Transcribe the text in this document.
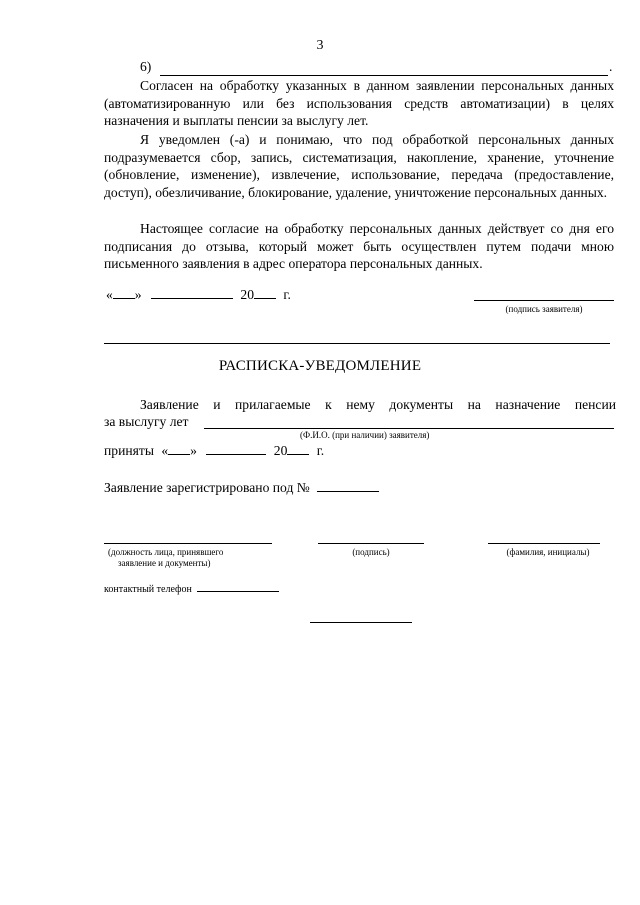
3
6)	.
Согласен на обработку указанных в данном заявлении персональных данных (автоматизированную или без использования средств автоматизации) в целях назначения и выплаты пенсии за выслугу лет.
Я уведомлен (-а) и понимаю, что под обработкой персональных данных подразумевается сбор, запись, систематизация, накопление, хранение, уточнение (обновление, изменение), извлечение, использование, передача (предоставление, доступ), обезличивание, блокирование, удаление, уничтожение персональных данных.
Настоящее согласие на обработку персональных данных действует со дня его подписания до отзыва, который может быть осуществлен путем подачи мною письменного заявления в адрес оператора персональных данных.
« »	20 г.
(подпись заявителя)
РАСПИСКА-УВЕДОМЛЕНИЕ
Заявление и прилагаемые к нему документы на назначение пенсии
за выслугу лет
(Ф.И.О. (при наличии) заявителя)
приняты « »	20 г.
Заявление зарегистрировано под №
(должность лица, принявшего
заявление и документы)
(подпись)	(фамилия, инициалы)
контактный телефон
